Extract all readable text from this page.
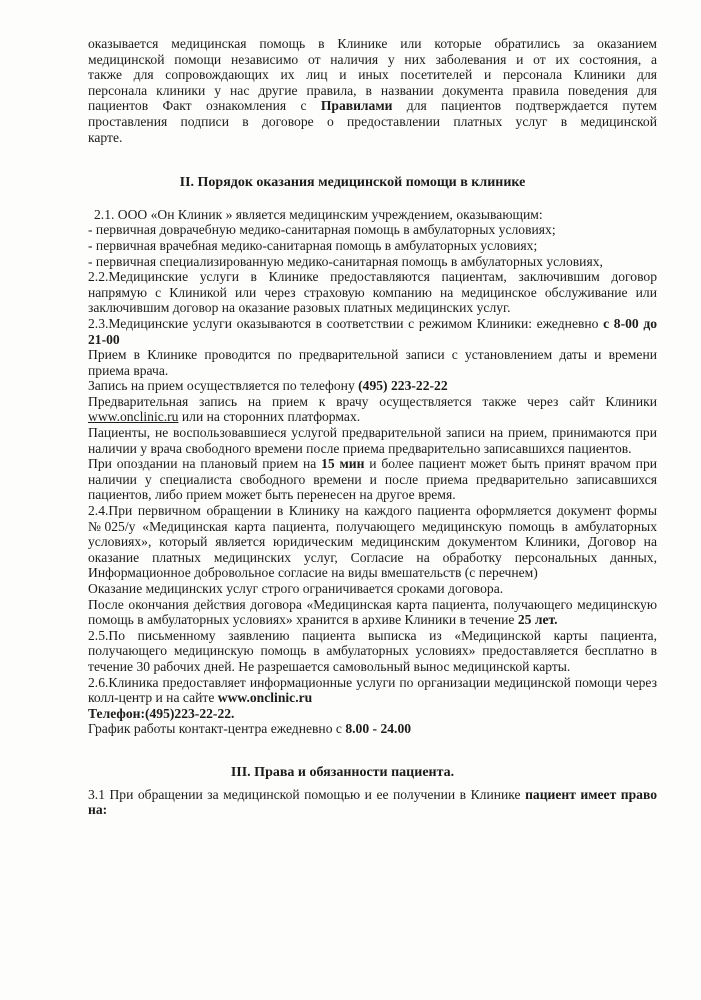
оказывается медицинская помощь в Клинике или которые обратились за оказанием

медицинской помощи независимо от наличия у них заболевания и от их состояния, а

также для сопровождающих их лиц и иных посетителей и персонала Клиники для

персонала клиники у нас другие правила, в названии документа правила поведения для

пациентов Факт ознакомления с Правилами для пациентов подтверждается путем

проставления подписи в договоре о предоставлении платных услуг в медицинской

карте.

II. Порядок оказания медицинской помощи в клинике

2.1. ООО «Он Клиник » является медицинским учреждением, оказывающим:

- первичная доврачебную медико-санитарная помощь в амбулаторных условиях;

- первичная врачебная медико-санитарная помощь в амбулаторных условиях;

- первичная специализированную медико-санитарная помощь в амбулаторных условиях,

2.2.Медицинские услуги в Клинике предоставляются пациентам, заключившим договор напрямую с Клиникой или через страховую компанию на медицинское обслуживание или заключившим договор на оказание разовых платных медицинских услуг.

2.3.Медицинские услуги оказываются в соответствии с режимом Клиники: ежедневно с 8-00 до 21-00

Прием в Клинике проводится по предварительной записи с установлением даты и времени приема врача.

Запись на прием осуществляется по телефону (495) 223-22-22

Предварительная запись на прием к врачу осуществляется также через сайт Клиники www.onclinic.ru или на сторонних платформах.

Пациенты, не воспользовавшиеся услугой предварительной записи на прием, принимаются при наличии у врача свободного времени после приема предварительно записавшихся пациентов.

При опоздании на плановый прием на 15 мин и более пациент может быть принят врачом при наличии у специалиста свободного времени и после приема предварительно записавшихся пациентов, либо прием может быть перенесен на другое время.

2.4.При первичном обращении в Клинику на каждого пациента оформляется документ формы №025/у «Медицинская карта пациента, получающего медицинскую помощь в амбулаторных условиях», который является юридическим медицинским документом Клиники, Договор на оказание платных медицинских услуг, Согласие на обработку персональных данных, Информационное добровольное согласие на виды вмешательств (с перечнем)

Оказание медицинских услуг строго ограничивается сроками договора.

После окончания действия договора «Медицинская карта пациента, получающего медицинскую помощь в амбулаторных условиях» хранится в архиве Клиники в течение 25 лет.

2.5.По письменному заявлению пациента выписка из «Медицинской карты пациента, получающего медицинскую помощь в амбулаторных условиях» предоставляется бесплатно в течение 30 рабочих дней. Не разрешается самовольный вынос медицинской карты.

2.6.Клиника предоставляет информационные услуги по организации медицинской помощи через колл-центр и на сайте www.onclinic.ru

Телефон:(495)223-22-22.

График работы контакт-центра ежедневно с 8.00 - 24.00

III. Права и обязанности пациента.

3.1 При обращении за медицинской помощью и ее получении в Клинике пациент имеет право на:
